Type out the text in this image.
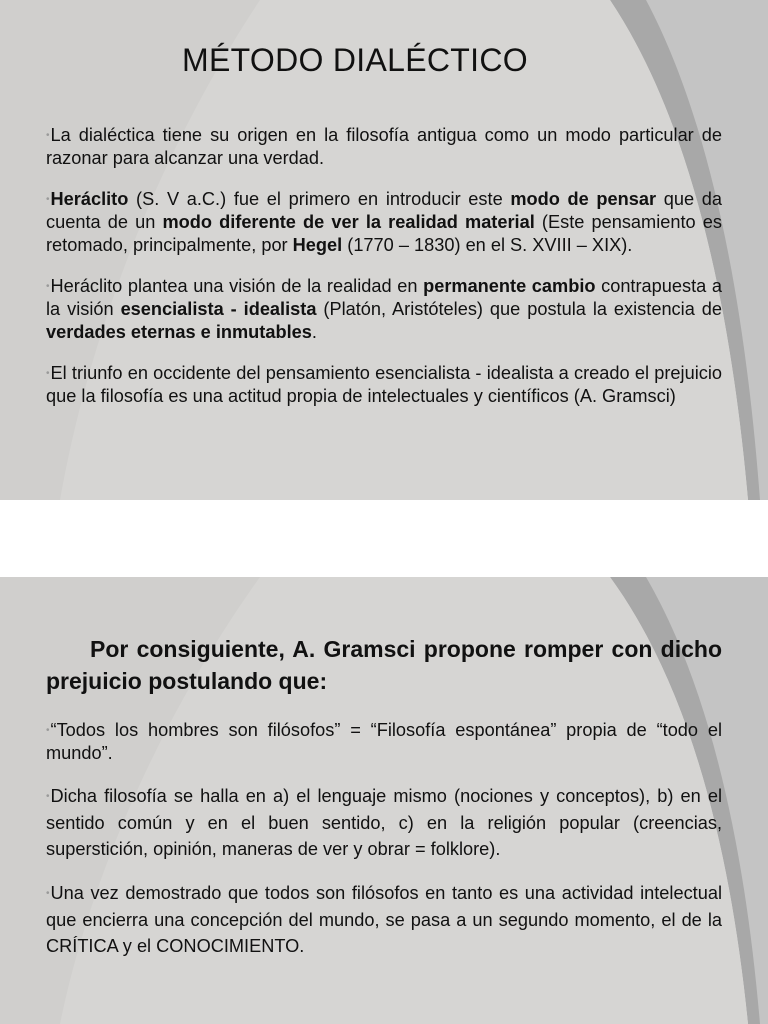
MÉTODO DIALÉCTICO

•La dialéctica tiene su origen en la filosofía antigua como un modo particular de razonar para alcanzar una verdad.

•Heráclito (S. V a.C.) fue el primero en introducir este modo de pensar que da cuenta de un modo diferente de ver la realidad material (Este pensamiento es retomado, principalmente, por Hegel (1770 – 1830) en el S. XVIII – XIX).

•Heráclito plantea una visión de la realidad en permanente cambio contrapuesta a la visión esencialista - idealista (Platón, Aristóteles) que postula la existencia de verdades eternas e inmutables.

•El triunfo en occidente del pensamiento esencialista - idealista a creado el prejuicio que la filosofía es una actitud propia de intelectuales y científicos (A. Gramsci)

Por consiguiente, A. Gramsci propone romper con dicho prejuicio postulando que:

•“Todos los hombres son filósofos” = “Filosofía espontánea” propia de “todo el mundo”.

•Dicha filosofía se halla en a) el lenguaje mismo (nociones y conceptos), b) en el sentido común y en el buen sentido, c) en la religión popular (creencias, superstición, opinión, maneras de ver y obrar = folklore).

•Una vez demostrado que todos son filósofos en tanto es una actividad intelectual que encierra una concepción del mundo, se pasa a un segundo momento, el de la CRÍTICA y el CONOCIMIENTO.
